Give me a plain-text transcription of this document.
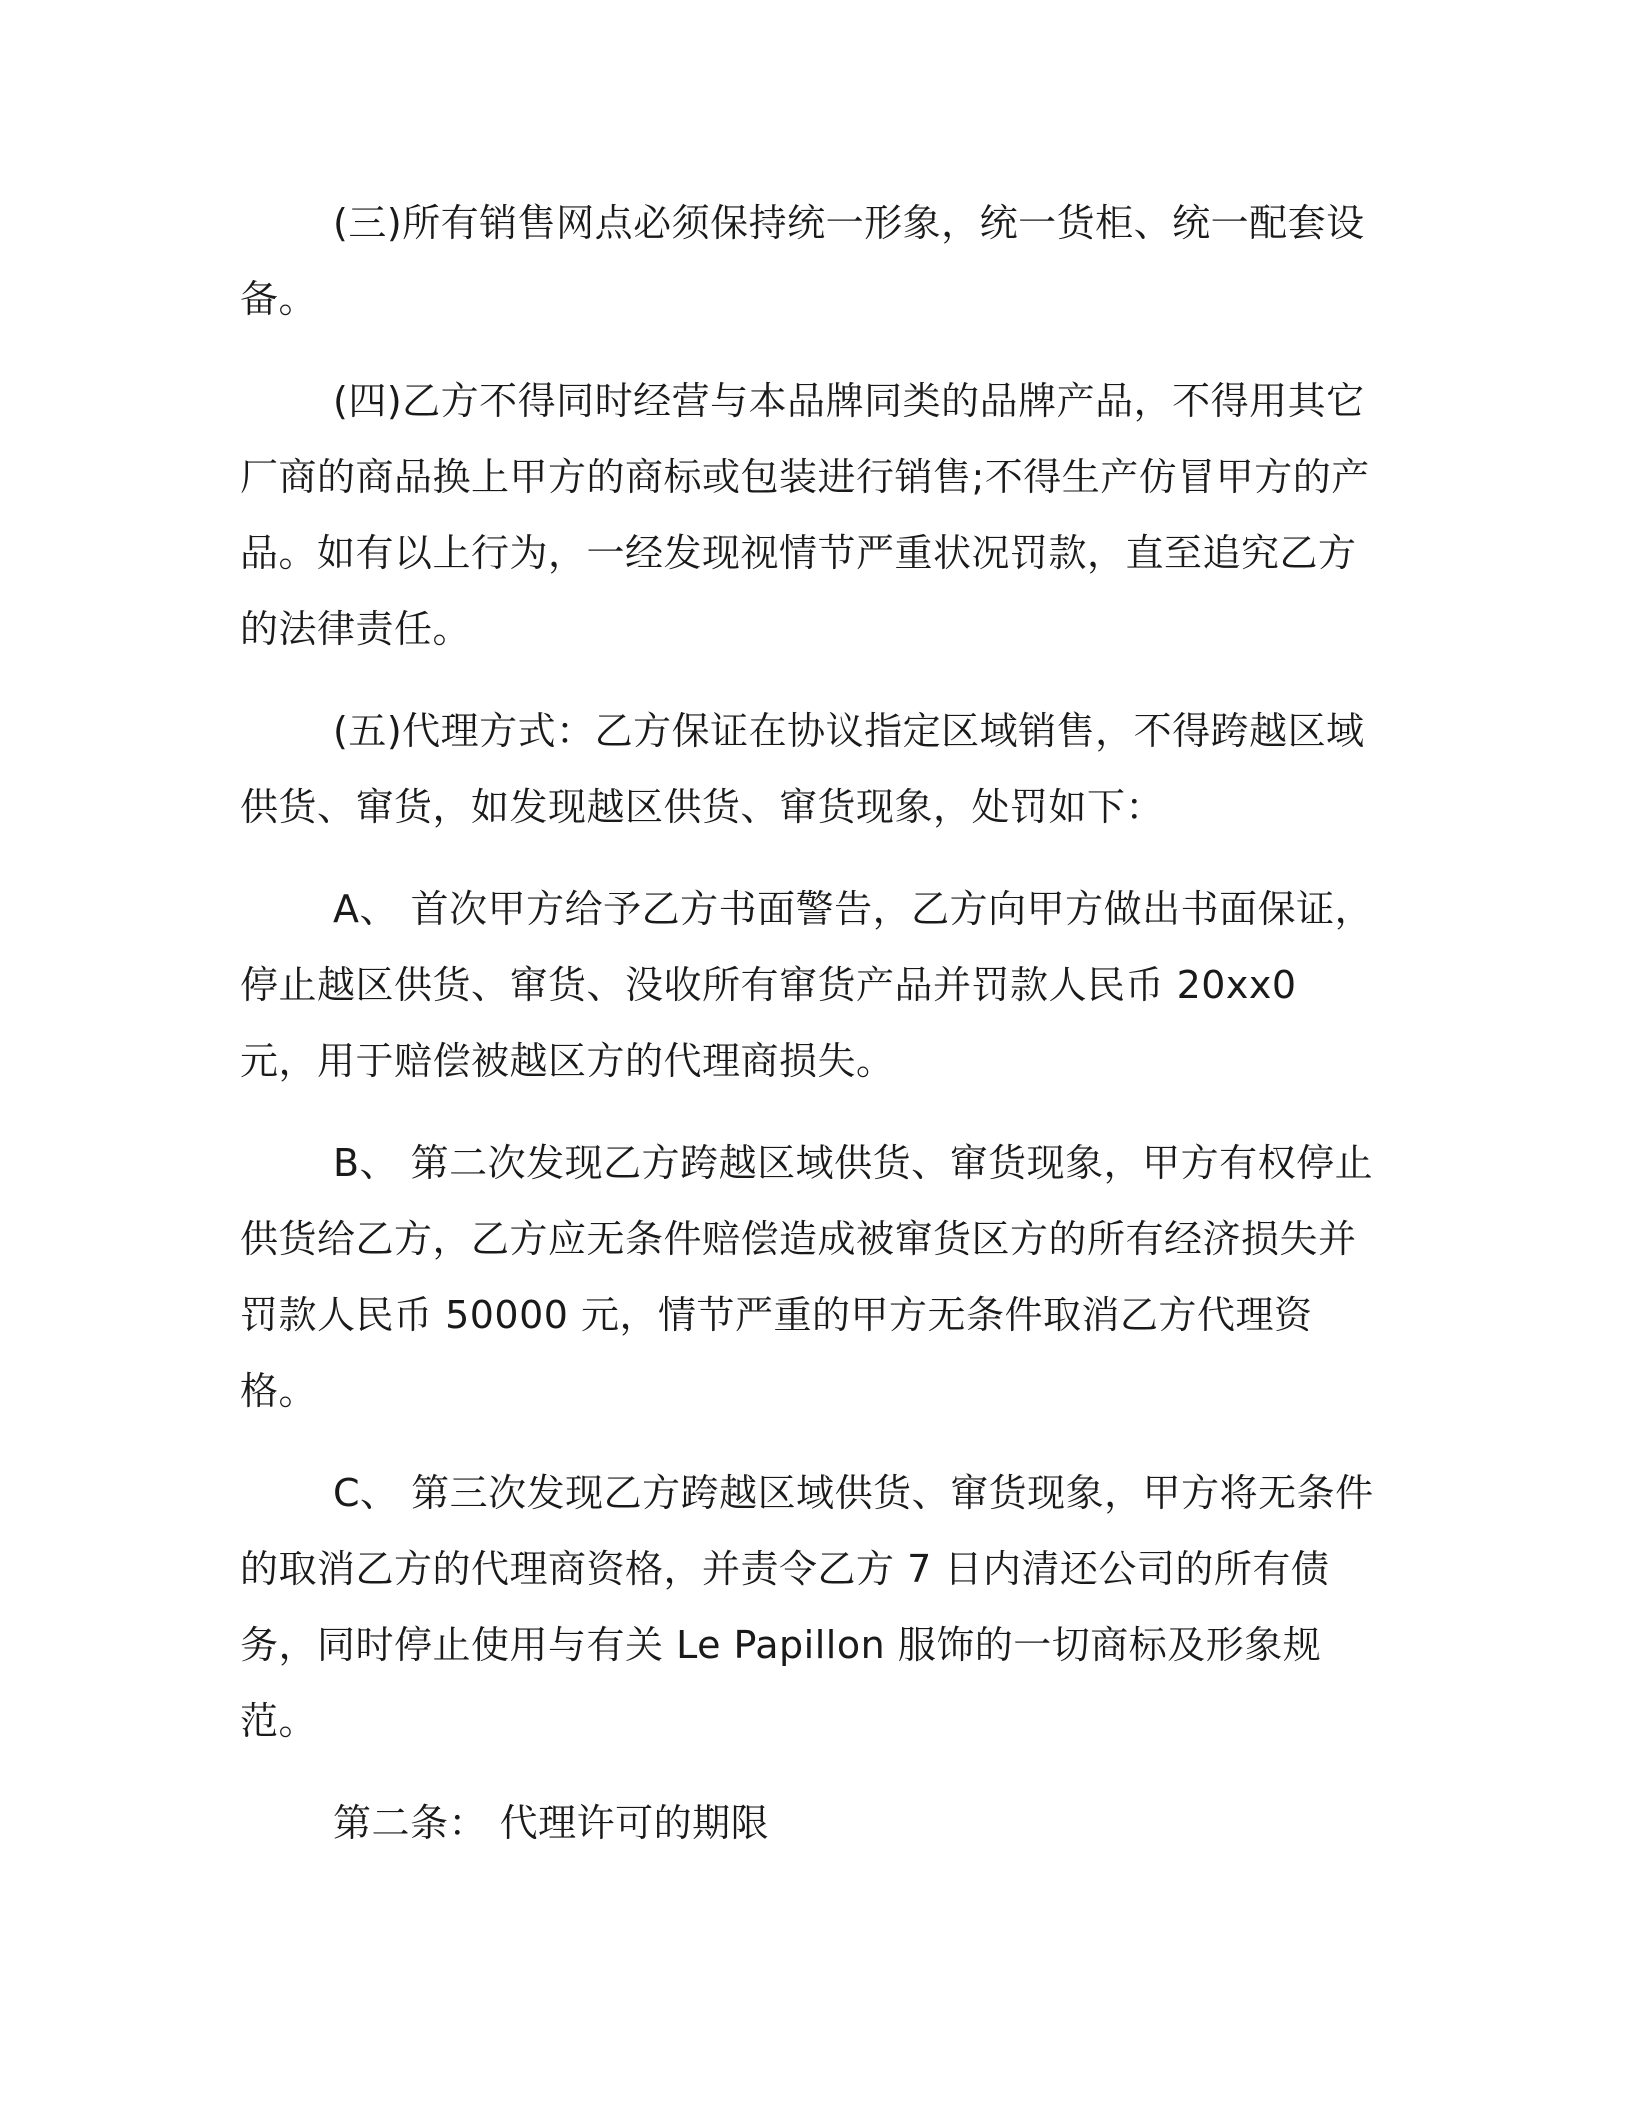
(三)所有销售网点必须保持统一形象，统一货柜、统一配套设备。

(四)乙方不得同时经营与本品牌同类的品牌产品，不得用其它厂商的商品换上甲方的商标或包装进行销售;不得生产仿冒甲方的产品。如有以上行为，一经发现视情节严重状况罚款，直至追究乙方的法律责任。

(五)代理方式：乙方保证在协议指定区域销售，不得跨越区域供货、窜货，如发现越区供货、窜货现象，处罚如下：

A、 首次甲方给予乙方书面警告，乙方向甲方做出书面保证，停止越区供货、窜货、没收所有窜货产品并罚款人民币 20xx0 元，用于赔偿被越区方的代理商损失。

B、 第二次发现乙方跨越区域供货、窜货现象，甲方有权停止供货给乙方，乙方应无条件赔偿造成被窜货区方的所有经济损失并罚款人民币 50000 元，情节严重的甲方无条件取消乙方代理资格。

C、 第三次发现乙方跨越区域供货、窜货现象，甲方将无条件的取消乙方的代理商资格，并责令乙方 7 日内清还公司的所有债务，同时停止使用与有关 Le Papillon 服饰的一切商标及形象规范。

第二条： 代理许可的期限
